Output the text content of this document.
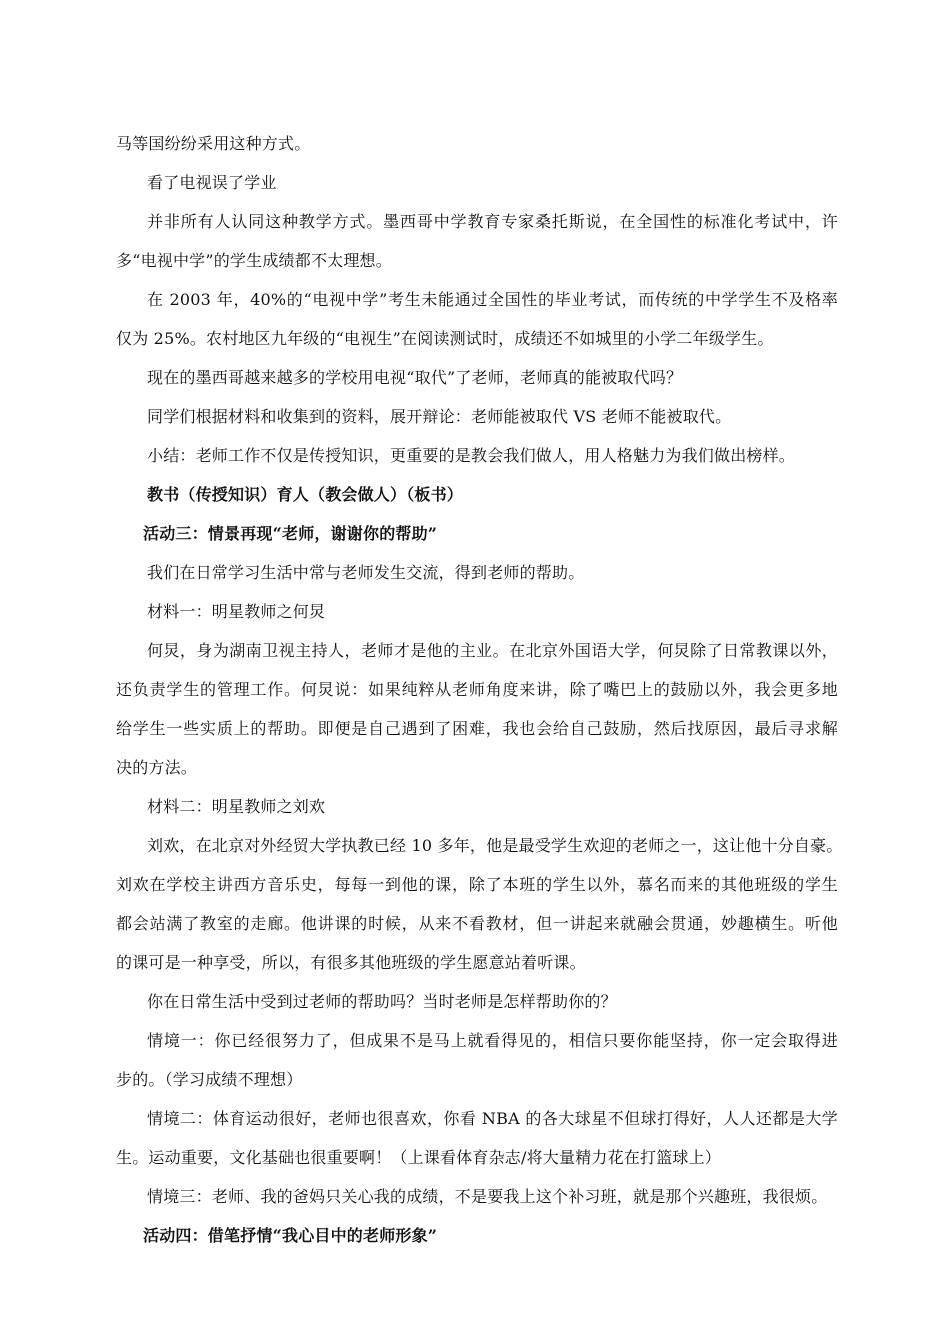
马等国纷纷采用这种方式。

看了电视误了学业

并非所有人认同这种教学方式。墨西哥中学教育专家桑托斯说，在全国性的标准化考试中，许

多“电视中学”的学生成绩都不太理想。

在 2003 年，40%的“电视中学”考生未能通过全国性的毕业考试，而传统的中学学生不及格率

仅为 25%。农村地区九年级的“电视生”在阅读测试时，成绩还不如城里的小学二年级学生。

现在的墨西哥越来越多的学校用电视“取代”了老师，老师真的能被取代吗？

同学们根据材料和收集到的资料，展开辩论：老师能被取代 VS 老师不能被取代。

小结：老师工作不仅是传授知识，更重要的是教会我们做人，用人格魅力为我们做出榜样。

教书（传授知识）育人（教会做人）（板书）

活动三：情景再现“老师，谢谢你的帮助”

我们在日常学习生活中常与老师发生交流，得到老师的帮助。

材料一：明星教师之何炅

何炅，身为湖南卫视主持人，老师才是他的主业。在北京外国语大学，何炅除了日常教课以外，

还负责学生的管理工作。何炅说：如果纯粹从老师角度来讲，除了嘴巴上的鼓励以外，我会更多地

给学生一些实质上的帮助。即便是自己遇到了困难，我也会给自己鼓励，然后找原因，最后寻求解

决的方法。

材料二：明星教师之刘欢

刘欢，在北京对外经贸大学执教已经 10 多年，他是最受学生欢迎的老师之一，这让他十分自豪。

刘欢在学校主讲西方音乐史，每每一到他的课，除了本班的学生以外，慕名而来的其他班级的学生

都会站满了教室的走廊。他讲课的时候，从来不看教材，但一讲起来就融会贯通，妙趣横生。听他

的课可是一种享受，所以，有很多其他班级的学生愿意站着听课。

你在日常生活中受到过老师的帮助吗？当时老师是怎样帮助你的？

情境一：你已经很努力了，但成果不是马上就看得见的，相信只要你能坚持，你一定会取得进

步的。（学习成绩不理想）

情境二：体育运动很好，老师也很喜欢，你看 NBA 的各大球星不但球打得好，人人还都是大学

生。运动重要，文化基础也很重要啊！（上课看体育杂志/将大量精力花在打篮球上）

情境三：老师、我的爸妈只关心我的成绩，不是要我上这个补习班，就是那个兴趣班，我很烦。

活动四：借笔抒情“我心目中的老师形象”
